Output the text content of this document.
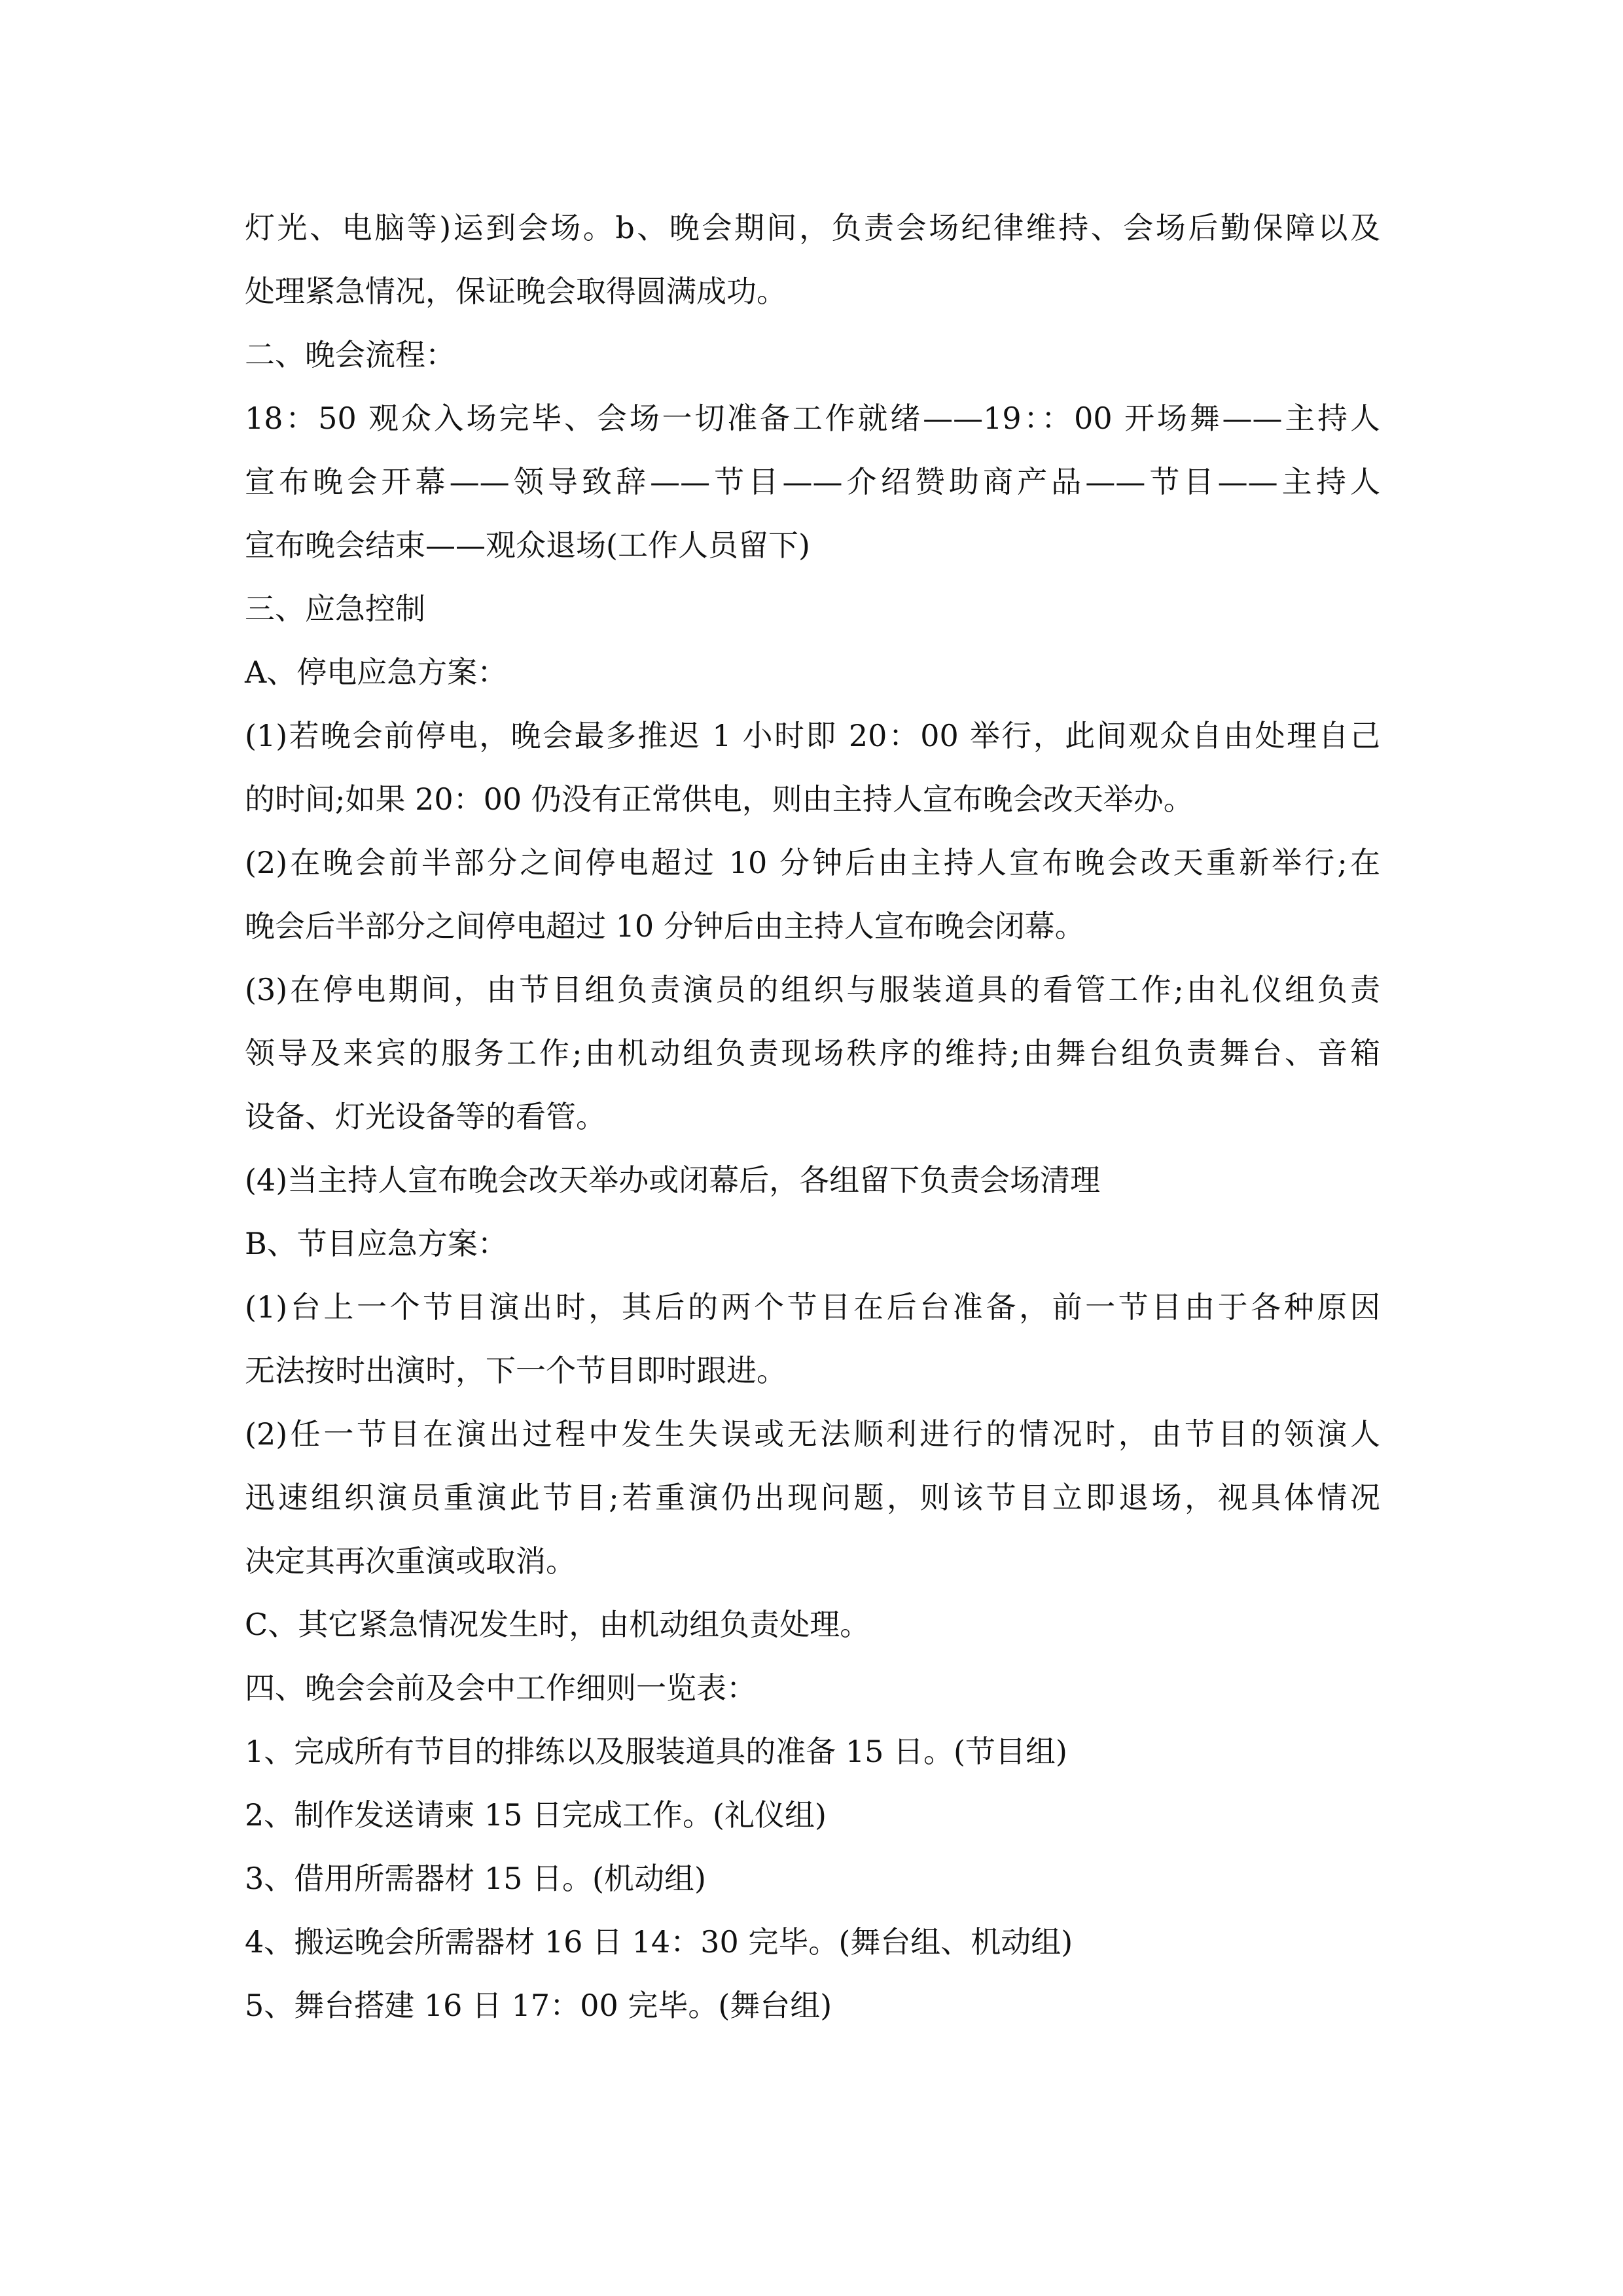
灯光、电脑等)运到会场。b、晚会期间，负责会场纪律维持、会场后勤保障以及
处理紧急情况，保证晚会取得圆满成功。
二、晚会流程：
18：50 观众入场完毕、会场一切准备工作就绪——19：：00 开场舞——主持人
宣布晚会开幕——领导致辞——节目——介绍赞助商产品——节目——主持人
宣布晚会结束——观众退场(工作人员留下)
三、应急控制
A、停电应急方案：
(1)若晚会前停电，晚会最多推迟 1 小时即 20：00 举行，此间观众自由处理自己
的时间;如果 20：00 仍没有正常供电，则由主持人宣布晚会改天举办。
(2)在晚会前半部分之间停电超过 10 分钟后由主持人宣布晚会改天重新举行;在
晚会后半部分之间停电超过 10 分钟后由主持人宣布晚会闭幕。
(3)在停电期间，由节目组负责演员的组织与服装道具的看管工作;由礼仪组负责
领导及来宾的服务工作;由机动组负责现场秩序的维持;由舞台组负责舞台、音箱
设备、灯光设备等的看管。
(4)当主持人宣布晚会改天举办或闭幕后，各组留下负责会场清理
B、节目应急方案：
(1)台上一个节目演出时，其后的两个节目在后台准备，前一节目由于各种原因
无法按时出演时，下一个节目即时跟进。
(2)任一节目在演出过程中发生失误或无法顺利进行的情况时，由节目的领演人
迅速组织演员重演此节目;若重演仍出现问题，则该节目立即退场，视具体情况
决定其再次重演或取消。
C、其它紧急情况发生时，由机动组负责处理。
四、晚会会前及会中工作细则一览表：
1、完成所有节目的排练以及服装道具的准备 15 日。(节目组)
2、制作发送请柬 15 日完成工作。(礼仪组)
3、借用所需器材 15 日。(机动组)
4、搬运晚会所需器材 16 日 14：30 完毕。(舞台组、机动组)
5、舞台搭建 16 日 17：00 完毕。(舞台组)
